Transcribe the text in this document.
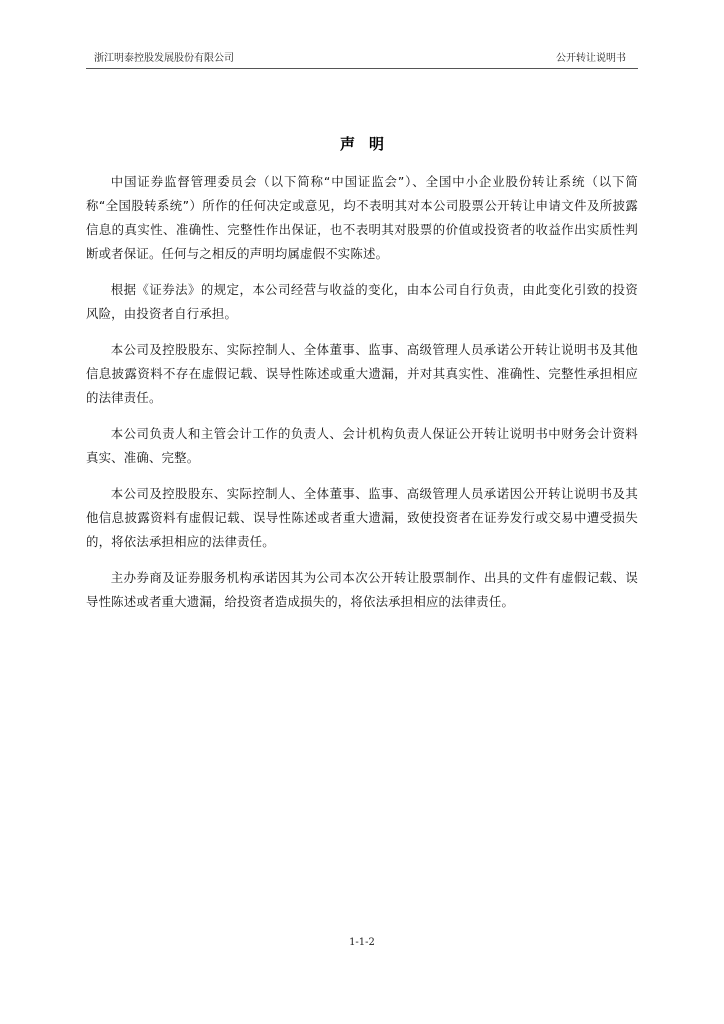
浙江明泰控股发展股份有限公司	公开转让说明书
声明

中国证券监督管理委员会（以下简称“中国证监会”）、全国中小企业股份转让系统（以下简称“全国股转系统”）所作的任何决定或意见，均不表明其对本公司股票公开转让申请文件及所披露信息的真实性、准确性、完整性作出保证，也不表明其对股票的价值或投资者的收益作出实质性判断或者保证。任何与之相反的声明均属虚假不实陈述。

根据《证券法》的规定，本公司经营与收益的变化，由本公司自行负责，由此变化引致的投资风险，由投资者自行承担。

本公司及控股股东、实际控制人、全体董事、监事、高级管理人员承诺公开转让说明书及其他信息披露资料不存在虚假记载、误导性陈述或重大遗漏，并对其真实性、准确性、完整性承担相应的法律责任。

本公司负责人和主管会计工作的负责人、会计机构负责人保证公开转让说明书中财务会计资料真实、准确、完整。

本公司及控股股东、实际控制人、全体董事、监事、高级管理人员承诺因公开转让说明书及其他信息披露资料有虚假记载、误导性陈述或者重大遗漏，致使投资者在证券发行或交易中遭受损失的，将依法承担相应的法律责任。

主办券商及证券服务机构承诺因其为公司本次公开转让股票制作、出具的文件有虚假记载、误导性陈述或者重大遗漏，给投资者造成损失的，将依法承担相应的法律责任。

1-1-2
